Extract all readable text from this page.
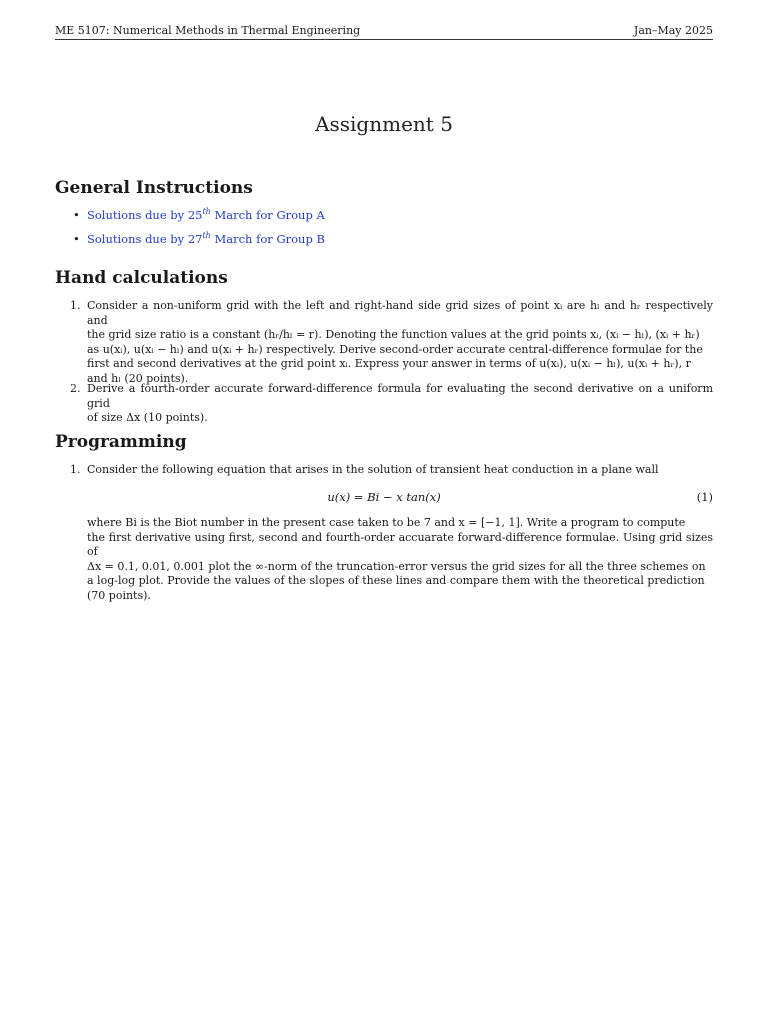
ME 5107: Numerical Methods in Thermal Engineering	Jan–May 2025
Assignment 5
General Instructions
• Solutions due by 25th March for Group A
• Solutions due by 27th March for Group B
Hand calculations
1. Consider a non-uniform grid with the left and right-hand side grid sizes of point xᵢ are hₗ and hᵣ respectively and
the grid size ratio is a constant (hᵣ/hₗ = r). Denoting the function values at the grid points xᵢ, (xᵢ − hₗ), (xᵢ + hᵣ)
as u(xᵢ), u(xᵢ − hₗ) and u(xᵢ + hᵣ) respectively. Derive second-order accurate central-difference formulae for the
first and second derivatives at the grid point xᵢ. Express your answer in terms of u(xᵢ), u(xᵢ − hₗ), u(xᵢ + hᵣ), r
and hₗ (20 points).
2. Derive a fourth-order accurate forward-difference formula for evaluating the second derivative on a uniform grid
of size Δx (10 points).
Programming
1. Consider the following equation that arises in the solution of transient heat conduction in a plane wall
u(x) = Bi − x tan(x)	(1)
where Bi is the Biot number in the present case taken to be 7 and x = [−1, 1]. Write a program to compute
the first derivative using first, second and fourth-order accuarate forward-difference formulae. Using grid sizes of
Δx = 0.1, 0.01, 0.001 plot the ∞-norm of the truncation-error versus the grid sizes for all the three schemes on
a log-log plot. Provide the values of the slopes of these lines and compare them with the theoretical prediction
(70 points).
